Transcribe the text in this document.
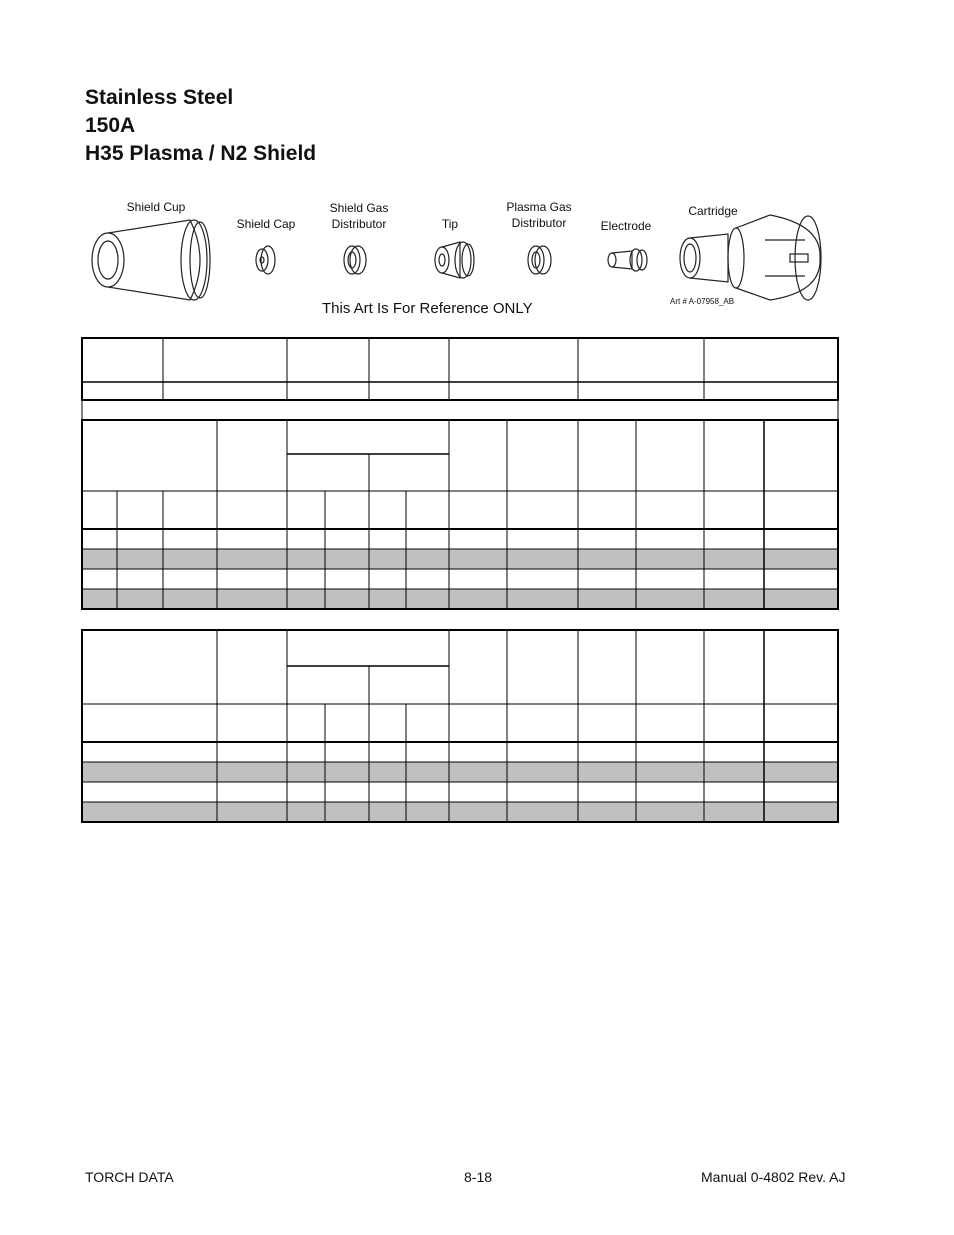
Stainless Steel

150A

H35 Plasma / N2 Shield

Shield Cup
Shield Cap
Shield Gas
Distributor	Tip
Plasma Gas
Distributor	Electrode
Cartridge
Art # A-07958_AB
This Art Is For Reference ONLY
TORCH DATA	8-18	Manual 0-4802 Rev. AJ
